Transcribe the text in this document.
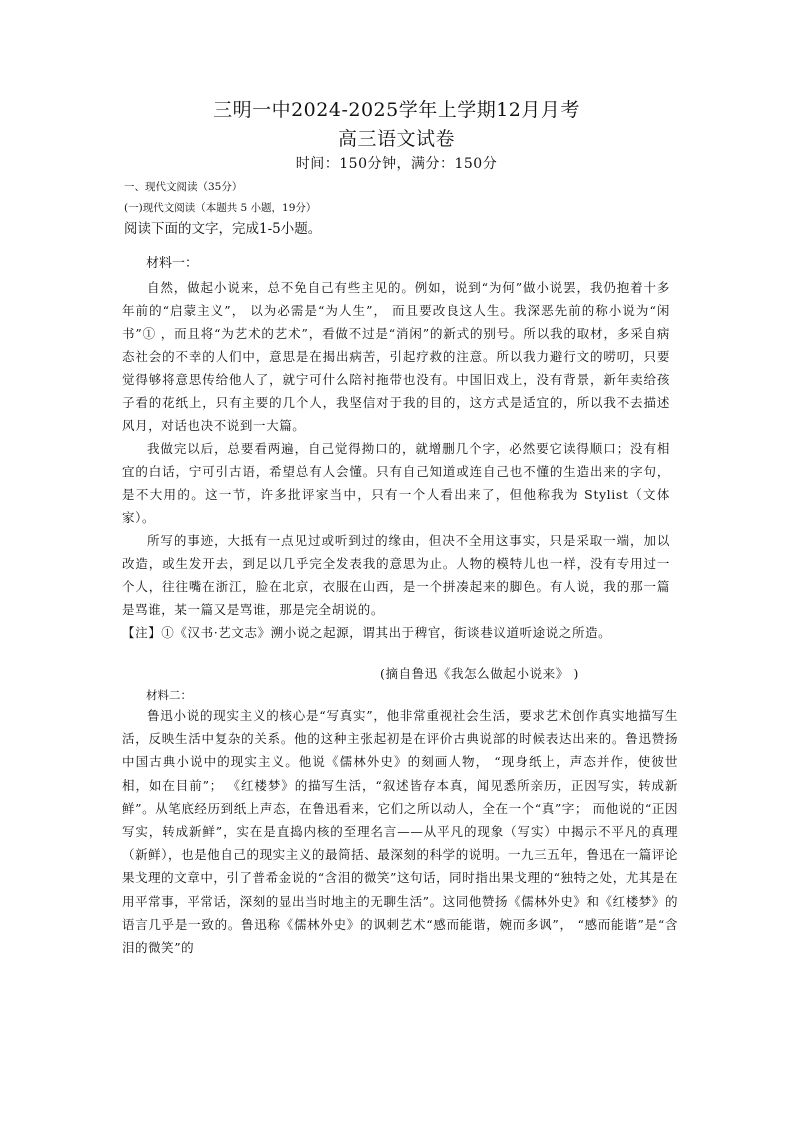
三明一中2024-2025学年上学期12月月考
高三语文试卷
时间：150分钟，满分：150分
一、现代文阅读（35分）
(一)现代文阅读（本题共 5 小题，19分）
阅读下面的文字，完成1-5小题。
材料一：

自然，做起小说来，总不免自己有些主见的。例如，说到“为何”做小说罢，我仍抱着十多年前的“启蒙主义”， 以为必需是“为人生”， 而且要改良这人生。我深恶先前的称小说为“闲书”① ，而且将“为艺术的艺术”，看做不过是“消闲”的新式的别号。所以我的取材，多采自病态社会的不幸的人们中，意思是在揭出病苦，引起疗救的注意。所以我力避行文的唠叨，只要觉得够将意思传给他人了，就宁可什么陪衬拖带也没有。中国旧戏上，没有背景，新年卖给孩子看的花纸上，只有主要的几个人，我坚信对于我的目的，这方式是适宜的，所以我不去描述风月，对话也决不说到一大篇。

我做完以后，总要看两遍，自己觉得拗口的，就增删几个字，必然要它读得顺口；没有相宜的白话，宁可引古语，希望总有人会懂。只有自己知道或连自己也不懂的生造出来的字句，是不大用的。这一节，许多批评家当中，只有一个人看出来了，但他称我为 Stylist（文体家）。

所写的事迹，大抵有一点见过或听到过的缘由，但决不全用这事实，只是采取一端，加以改造，或生发开去，到足以几乎完全发表我的意思为止。人物的模特儿也一样，没有专用过一个人，往往嘴在浙江，脸在北京，衣服在山西，是一个拼凑起来的脚色。有人说，我的那一篇是骂谁，某一篇又是骂谁，那是完全胡说的。

【注】①《汉书·艺文志》溯小说之起源，谓其出于稗官，街谈巷议道听途说之所造。

(摘自鲁迅《我怎么做起小说来》 )
材料二：

鲁迅小说的现实主义的核心是“写真实”，他非常重视社会生活，要求艺术创作真实地描写生活，反映生活中复杂的关系。他的这种主张起初是在评价古典说部的时候表达出来的。鲁迅赞扬中国古典小说中的现实主义。他说《儒林外史》的刻画人物， “现身纸上，声态并作，使彼世相，如在目前”； 《红楼梦》的描写生活，“叙述皆存本真，闻见悉所亲历，正因写实，转成新鲜”。从笔底经历到纸上声态，在鲁迅看来，它们之所以动人，全在一个“真”字； 而他说的“正因写实，转成新鲜”，实在是直捣内核的至理名言——从平凡的现象（写实）中揭示不平凡的真理（新鲜），也是他自己的现实主义的最简括、最深刻的科学的说明。一九三五年，鲁迅在一篇评论果戈理的文章中，引了普希金说的“含泪的微笑”这句话，同时指出果戈理的“独特之处，尤其是在用平常事，平常话，深刻的显出当时地主的无聊生活”。这同他赞扬《儒林外史》和《红楼梦》的语言几乎是一致的。鲁迅称《儒林外史》的讽刺艺术“感而能谐，婉而多讽”， “感而能谐”是“含泪的微笑”的
